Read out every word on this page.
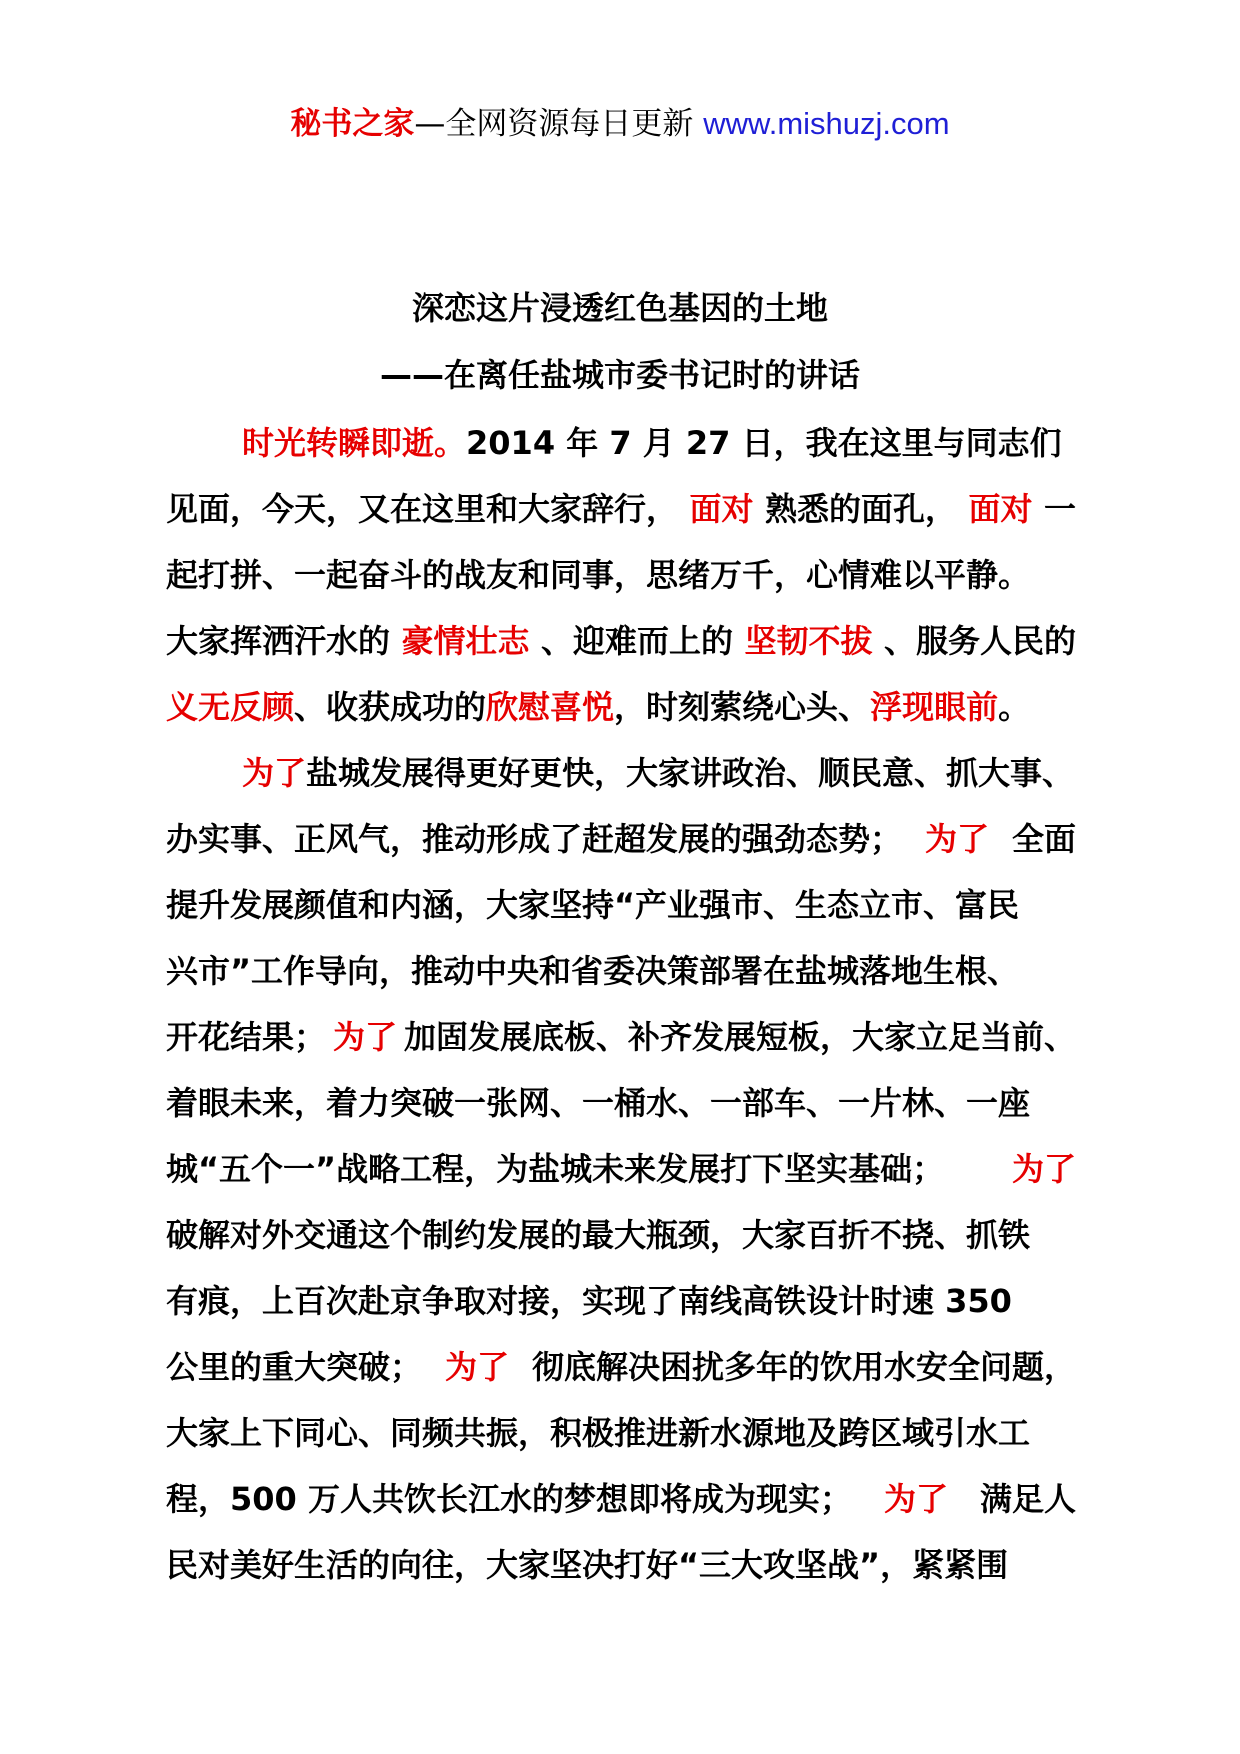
秘书之家—全网资源每日更新 www.mishuzj.com
深恋这片浸透红色基因的土地
——在离任盐城市委书记时的讲话
时光转瞬即逝。2014 年 7 月 27 日，我在这里与同志们
见面，今天，又在这里和大家辞行， 面对 熟悉的面孔， 面对 一
起打拼、一起奋斗的战友和同事，思绪万千，心情难以平静。
大家挥洒汗水的 豪情壮志 、迎难而上的 坚韧不拔 、服务人民的
义无反顾、收获成功的欣慰喜悦，时刻萦绕心头、浮现眼前。
为了盐城发展得更好更快，大家讲政治、顺民意、抓大事、
办实事、正风气，推动形成了赶超发展的强劲态势； 为了 全面
提升发展颜值和内涵，大家坚持“产业强市、生态立市、富民
兴市”工作导向，推动中央和省委决策部署在盐城落地生根、
开花结果； 为了 加固发展底板、补齐发展短板，大家立足当前、
着眼未来，着力突破一张网、一桶水、一部车、一片林、一座
城“五个一”战略工程，为盐城未来发展打下坚实基础； 为了
破解对外交通这个制约发展的最大瓶颈，大家百折不挠、抓铁
有痕，上百次赴京争取对接，实现了南线高铁设计时速 350
公里的重大突破； 为了 彻底解决困扰多年的饮用水安全问题，
大家上下同心、同频共振，积极推进新水源地及跨区域引水工
程，500 万人共饮长江水的梦想即将成为现实； 为了 满足人
民对美好生活的向往，大家坚决打好“三大攻坚战”，紧紧围
